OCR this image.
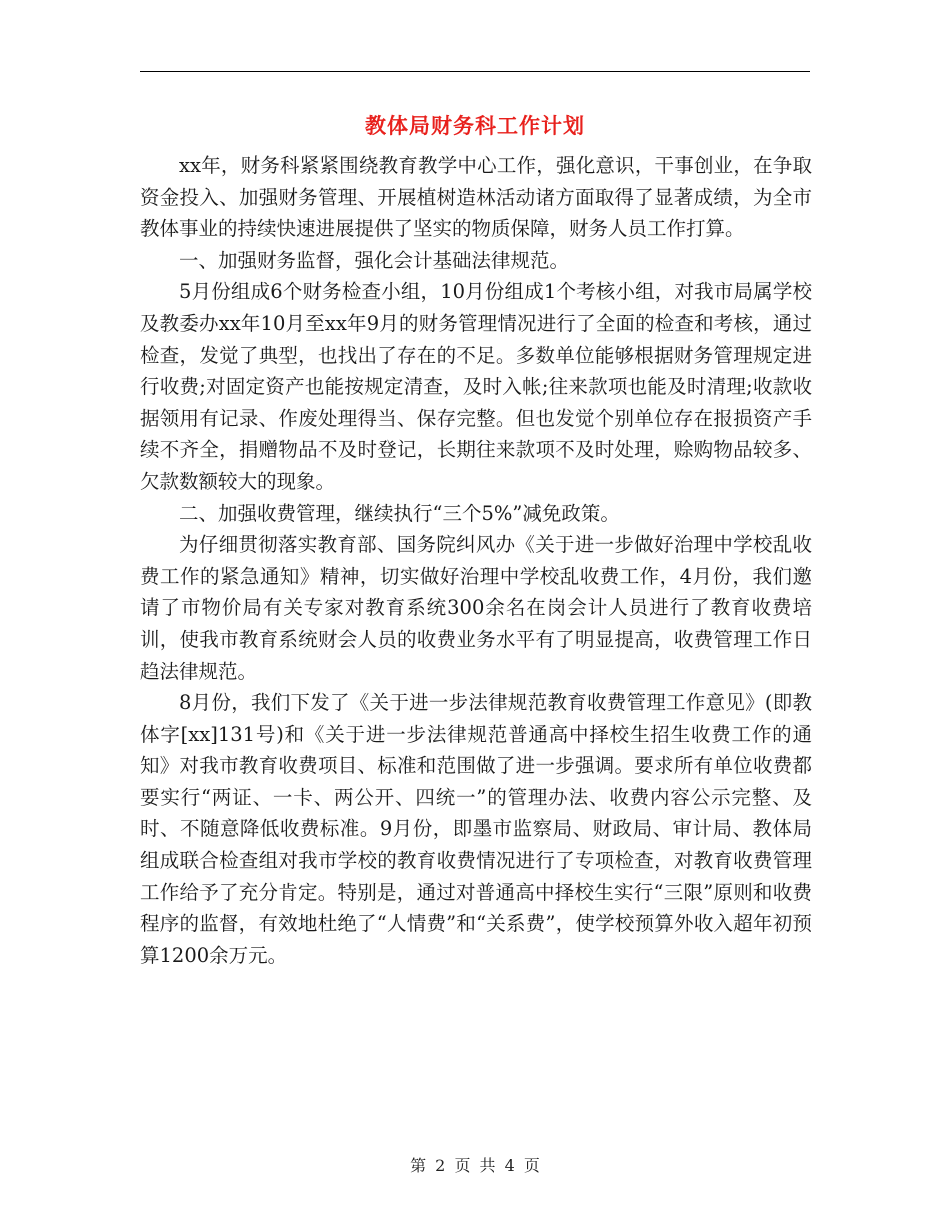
教体局财务科工作计划

xx年，财务科紧紧围绕教育教学中心工作，强化意识，干事创业，在争取资金投入、加强财务管理、开展植树造林活动诸方面取得了显著成绩，为全市教体事业的持续快速进展提供了坚实的物质保障，财务人员工作打算。

一、加强财务监督，强化会计基础法律规范。

5月份组成6个财务检查小组，10月份组成1个考核小组，对我市局属学校及教委办xx年10月至xx年9月的财务管理情况进行了全面的检查和考核，通过检查，发觉了典型，也找出了存在的不足。多数单位能够根据财务管理规定进行收费;对固定资产也能按规定清查，及时入帐;往来款项也能及时清理;收款收据领用有记录、作废处理得当、保存完整。但也发觉个别单位存在报损资产手续不齐全，捐赠物品不及时登记，长期往来款项不及时处理，赊购物品较多、欠款数额较大的现象。

二、加强收费管理，继续执行“三个5%”减免政策。

为仔细贯彻落实教育部、国务院纠风办《关于进一步做好治理中学校乱收费工作的紧急通知》精神，切实做好治理中学校乱收费工作，4月份，我们邀请了市物价局有关专家对教育系统300余名在岗会计人员进行了教育收费培训，使我市教育系统财会人员的收费业务水平有了明显提高，收费管理工作日趋法律规范。

8月份，我们下发了《关于进一步法律规范教育收费管理工作意见》(即教体字[xx]131号)和《关于进一步法律规范普通高中择校生招生收费工作的通知》对我市教育收费项目、标准和范围做了进一步强调。要求所有单位收费都要实行“两证、一卡、两公开、四统一”的管理办法、收费内容公示完整、及时、不随意降低收费标准。9月份，即墨市监察局、财政局、审计局、教体局组成联合检查组对我市学校的教育收费情况进行了专项检查，对教育收费管理工作给予了充分肯定。特别是，通过对普通高中择校生实行“三限”原则和收费程序的监督，有效地杜绝了“人情费”和“关系费”，使学校预算外收入超年初预算1200余万元。

第 2 页 共 4 页
